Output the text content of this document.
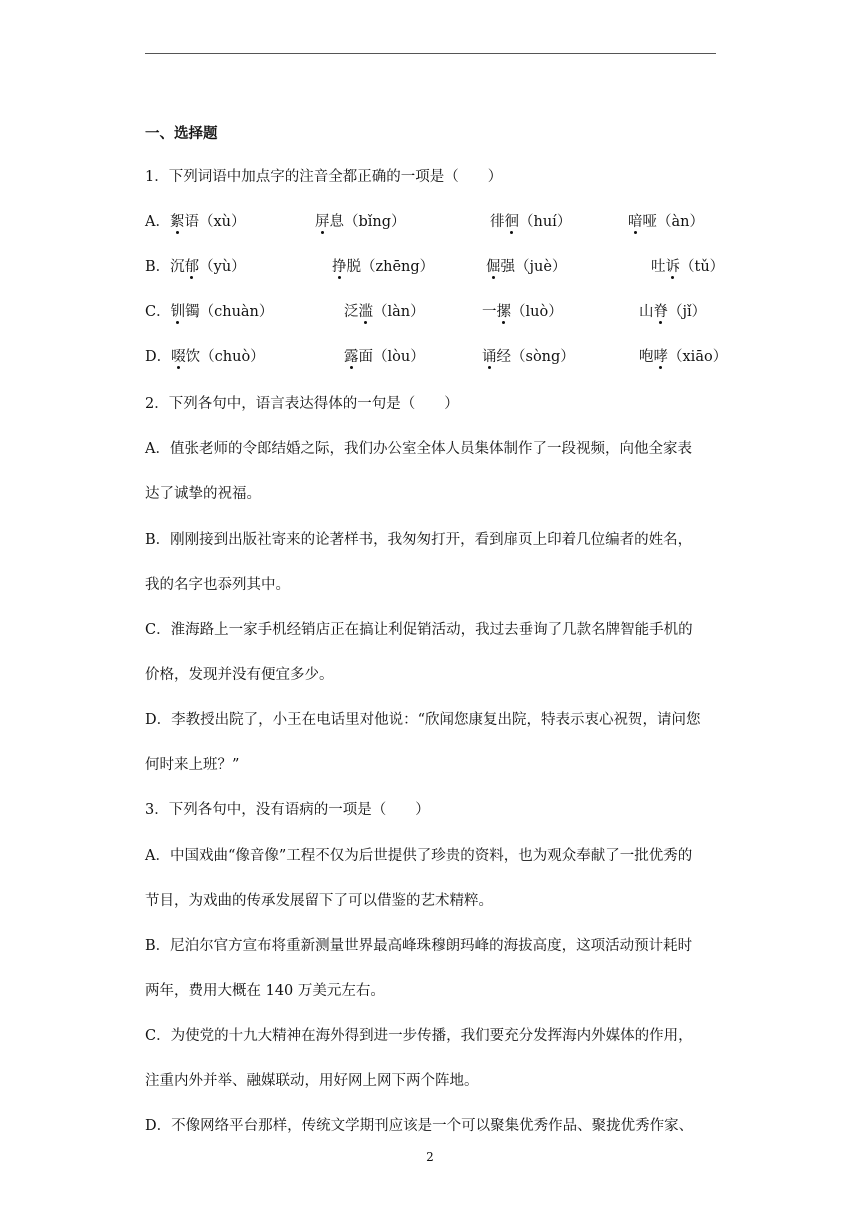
一、选择题
1．下列词语中加点字的注音全都正确的一项是（　　）
A．絮语（xù）	屏息（bǐng）	徘徊（huí）	喑哑（àn）
B．沉郁（yù）	挣脱（zhēng）	倔强（juè）	吐诉（tǔ）
C．钏镯（chuàn）	泛滥（làn）	一摞（luò）	山脊（jǐ）
D．啜饮（chuò）	露面（lòu）	诵经（sòng）	咆哮（xiāo）
2．下列各句中，语言表达得体的一句是（　　）
A．值张老师的令郎结婚之际，我们办公室全体人员集体制作了一段视频，向他全家表
达了诚挚的祝福。
B．刚刚接到出版社寄来的论著样书，我匆匆打开，看到扉页上印着几位编者的姓名，
我的名字也忝列其中。
C．淮海路上一家手机经销店正在搞让利促销活动，我过去垂询了几款名牌智能手机的
价格，发现并没有便宜多少。
D．李教授出院了，小王在电话里对他说：“欣闻您康复出院，特表示衷心祝贺，请问您
何时来上班？”
3．下列各句中，没有语病的一项是（　　）
A．中国戏曲“像音像”工程不仅为后世提供了珍贵的资料，也为观众奉献了一批优秀的
节目，为戏曲的传承发展留下了可以借鉴的艺术精粹。
B．尼泊尔官方宣布将重新测量世界最高峰珠穆朗玛峰的海拔高度，这项活动预计耗时
两年，费用大概在 140 万美元左右。
C．为使党的十九大精神在海外得到进一步传播，我们要充分发挥海内外媒体的作用，
注重内外并举、融媒联动，用好网上网下两个阵地。
D．不像网络平台那样，传统文学期刊应该是一个可以聚集优秀作品、聚拢优秀作家、
2
